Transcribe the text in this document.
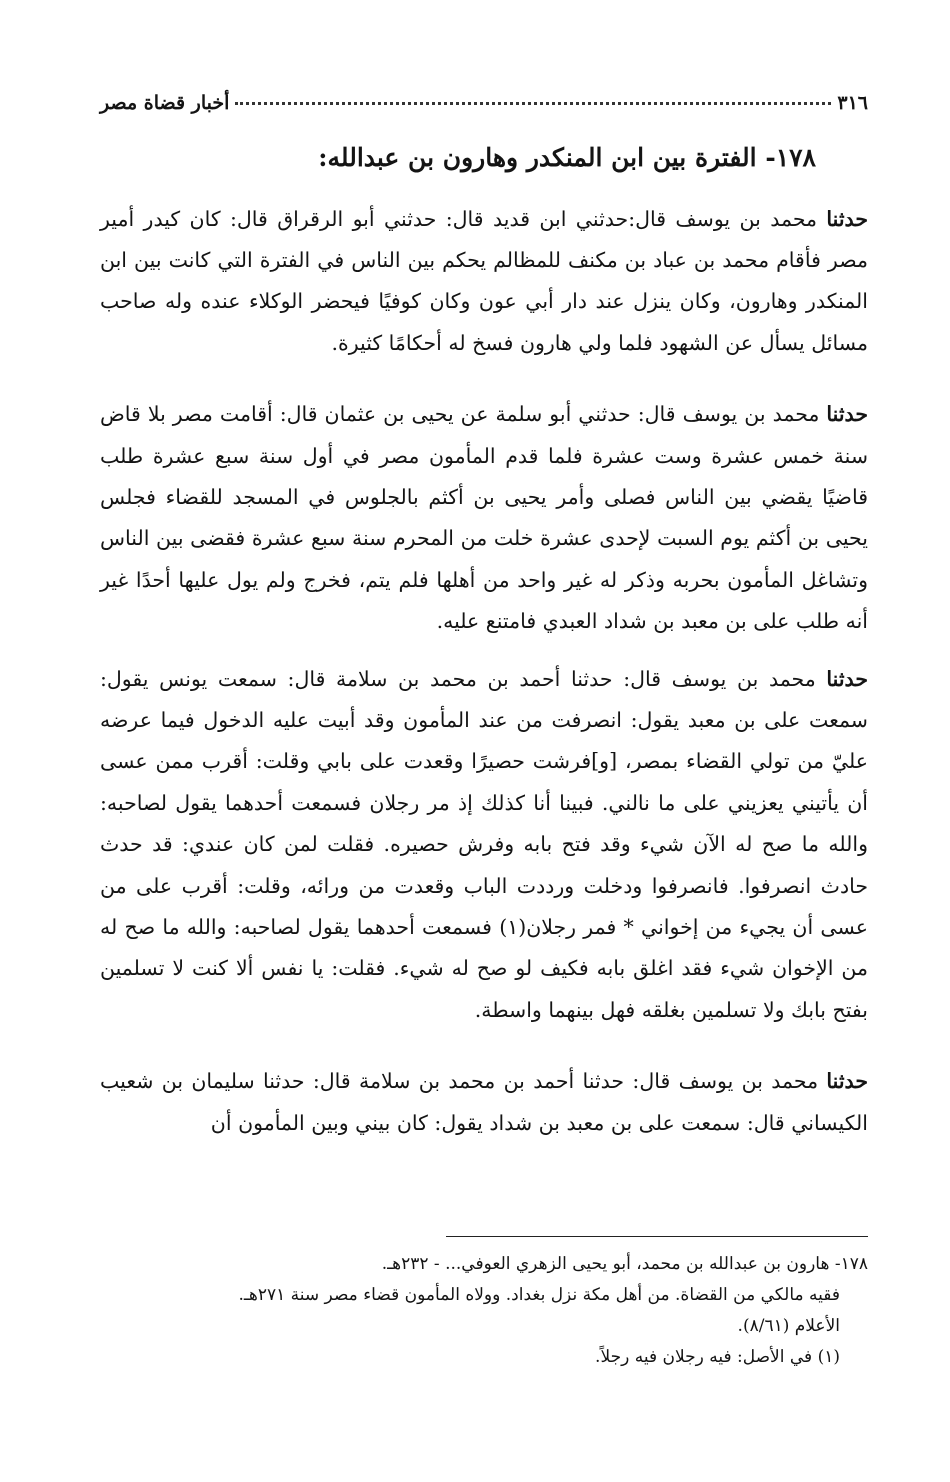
٣١٦
أخبار قضاة مصر
١٧٨- الفترة بين ابن المنكدر وهارون بن عبدالله:

حدثنا محمد بن يوسف قال:حدثني ابن قديد قال: حدثني أبو الرقراق قال: كان كيدر أمير مصر فأقام محمد بن عباد بن مكنف للمظالم يحكم بين الناس في الفترة التي كانت بين ابن المنكدر وهارون، وكان ينزل عند دار أبي عون وكان كوفيًا فيحضر الوكلاء عنده وله صاحب مسائل يسأل عن الشهود فلما ولي هارون فسخ له أحكامًا كثيرة.

حدثنا محمد بن يوسف قال: حدثني أبو سلمة عن يحيى بن عثمان قال: أقامت مصر بلا قاض سنة خمس عشرة وست عشرة فلما قدم المأمون مصر في أول سنة سبع عشرة طلب قاضيًا يقضي بين الناس فصلى وأمر يحيى بن أكثم بالجلوس في المسجد للقضاء فجلس يحيى بن أكثم يوم السبت لإحدى عشرة خلت من المحرم سنة سبع عشرة فقضى بين الناس وتشاغل المأمون بحربه وذكر له غير واحد من أهلها فلم يتم، فخرج ولم يول عليها أحدًا غير أنه طلب على بن معبد بن شداد العبدي فامتنع عليه.

حدثنا محمد بن يوسف قال: حدثنا أحمد بن محمد بن سلامة قال: سمعت يونس يقول: سمعت على بن معبد يقول: انصرفت من عند المأمون وقد أبيت عليه الدخول فيما عرضه عليّ من تولي القضاء بمصر، [و]فرشت حصيرًا وقعدت على بابي وقلت: أقرب ممن عسى أن يأتيني يعزيني على ما نالني. فبينا أنا كذلك إذ مر رجلان فسمعت أحدهما يقول لصاحبه: والله ما صح له الآن شيء وقد فتح بابه وفرش حصيره. فقلت لمن كان عندي: قد حدث حادث انصرفوا. فانصرفوا ودخلت ورددت الباب وقعدت من ورائه، وقلت: أقرب على من عسى أن يجيء من إخواني * فمر رجلان(١) فسمعت أحدهما يقول لصاحبه: والله ما صح له من الإخوان شيء فقد اغلق بابه فكيف لو صح له شيء. فقلت: يا نفس ألا كنت لا تسلمين بفتح بابك ولا تسلمين بغلقه فهل بينهما واسطة.

حدثنا محمد بن يوسف قال: حدثنا أحمد بن محمد بن سلامة قال: حدثنا سليمان بن شعيب الكيساني قال: سمعت على بن معبد بن شداد يقول: كان بيني وبين المأمون أن

١٧٨- هارون بن عبدالله بن محمد، أبو يحيى الزهري العوفي... - ٢٣٢هـ.

فقيه مالكي من القضاة. من أهل مكة نزل بغداد. وولاه المأمون قضاء مصر سنة ٢٧١هـ.

الأعلام (٨/٦١).

(١) في الأصل: فيه رجلان فيه رجلاً.
